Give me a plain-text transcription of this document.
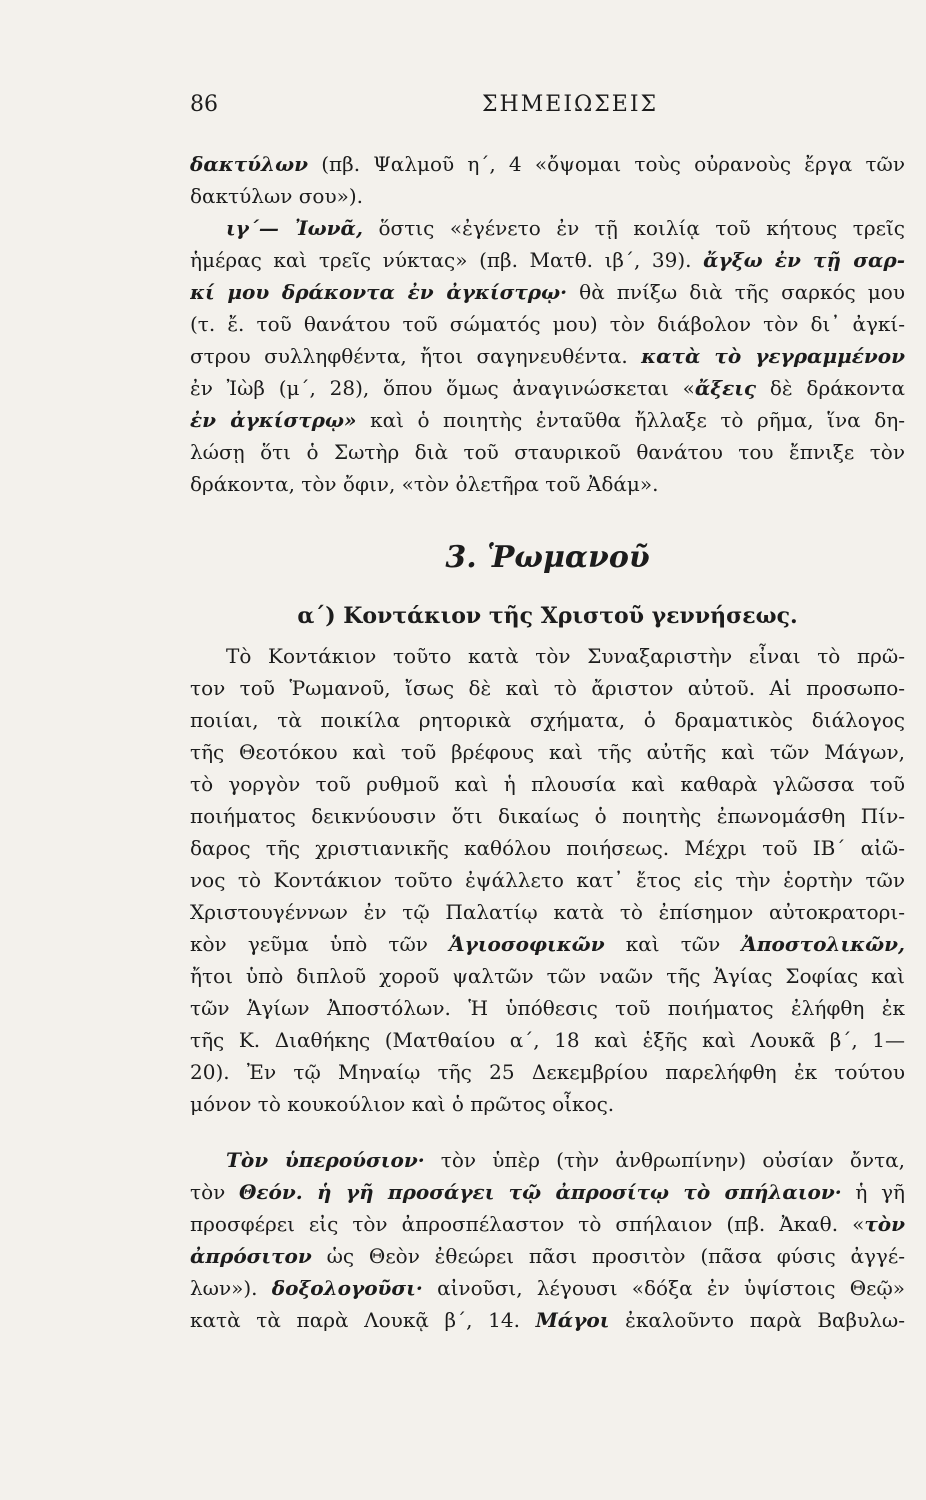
86	ΣΗΜΕΙΩΣΕΙΣ
δακτύλων (πβ. Ψαλμοῦ η΄, 4 «ὄψομαι τοὺς οὐρανοὺς ἔργα τῶν
δακτύλων σου»).
ιγ΄— Ἰωνᾶ, ὅστις «ἐγένετο ἐν τῇ κοιλίᾳ τοῦ κήτους τρεῖς
ἡμέρας καὶ τρεῖς νύκτας» (πβ. Ματθ. ιβ΄, 39). ἄγξω ἐν τῇ σαρ-
κί μου δράκοντα ἐν ἀγκίστρῳ· θὰ πνίξω διὰ τῆς σαρκός μου
(τ. ἔ. τοῦ θανάτου τοῦ σώματός μου) τὸν διάβολον τὸν δι᾽ ἀγκί-
στρου συλληφθέντα, ἤτοι σαγηνευθέντα. κατὰ τὸ γεγραμμένον
ἐν Ἰὼβ (μ΄, 28), ὅπου ὅμως ἀναγινώσκεται «ἄξεις δὲ δράκοντα
ἐν ἀγκίστρῳ» καὶ ὁ ποιητὴς ἐνταῦθα ἤλλαξε τὸ ρῆμα, ἵνα δη-
λώσῃ ὅτι ὁ Σωτὴρ διὰ τοῦ σταυρικοῦ θανάτου του ἔπνιξε τὸν
δράκοντα, τὸν ὄφιν, «τὸν ὀλετῆρα τοῦ Ἀδάμ».
3. Ῥωμανοῦ
α΄) Κοντάκιον τῆς Χριστοῦ γεννήσεως.
Τὸ Κοντάκιον τοῦτο κατὰ τὸν Συναξαριστὴν εἶναι τὸ πρῶ-
τον τοῦ Ῥωμανοῦ, ἴσως δὲ καὶ τὸ ἄριστον αὐτοῦ. Αἱ προσωπο-
ποιίαι, τὰ ποικίλα ρητορικὰ σχήματα, ὁ δραματικὸς διάλογος
τῆς Θεοτόκου καὶ τοῦ βρέφους καὶ τῆς αὐτῆς καὶ τῶν Μάγων,
τὸ γοργὸν τοῦ ρυθμοῦ καὶ ἡ πλουσία καὶ καθαρὰ γλῶσσα τοῦ
ποιήματος δεικνύουσιν ὅτι δικαίως ὁ ποιητὴς ἐπωνομάσθη Πίν-
δαρος τῆς χριστιανικῆς καθόλου ποιήσεως. Μέχρι τοῦ ΙΒ΄ αἰῶ-
νος τὸ Κοντάκιον τοῦτο ἐψάλλετο κατ᾽ ἔτος εἰς τὴν ἑορτὴν τῶν
Χριστουγέννων ἐν τῷ Παλατίῳ κατὰ τὸ ἐπίσημον αὐτοκρατορι-
κὸν γεῦμα ὑπὸ τῶν Ἁγιοσοφικῶν καὶ τῶν Ἀποστολικῶν,
ἤτοι ὑπὸ διπλοῦ χοροῦ ψαλτῶν τῶν ναῶν τῆς Ἁγίας Σοφίας καὶ
τῶν Ἁγίων Ἀποστόλων. Ἡ ὑπόθεσις τοῦ ποιήματος ἐλήφθη ἐκ
τῆς Κ. Διαθήκης (Ματθαίου α΄, 18 καὶ ἑξῆς καὶ Λουκᾶ β΄, 1—
20). Ἐν τῷ Μηναίῳ τῆς 25 Δεκεμβρίου παρελήφθη ἐκ τούτου
μόνον τὸ κουκούλιον καὶ ὁ πρῶτος οἶκος.
Τὸν ὑπερούσιον· τὸν ὑπὲρ (τὴν ἀνθρωπίνην) οὐσίαν ὄντα,
τὸν Θεόν. ἡ γῆ προσάγει τῷ ἀπροσίτῳ τὸ σπήλαιον· ἡ γῆ
προσφέρει εἰς τὸν ἀπροσπέλαστον τὸ σπήλαιον (πβ. Ἀκαθ. «τὸν
ἀπρόσιτον ὡς Θεὸν ἐθεώρει πᾶσι προσιτὸν (πᾶσα φύσις ἀγγέ-
λων»). δοξολογοῦσι· αἰνοῦσι, λέγουσι «δόξα ἐν ὑψίστοις Θεῷ»
κατὰ τὰ παρὰ Λουκᾷ β΄, 14. Μάγοι ἐκαλοῦντο παρὰ Βαβυλω-
